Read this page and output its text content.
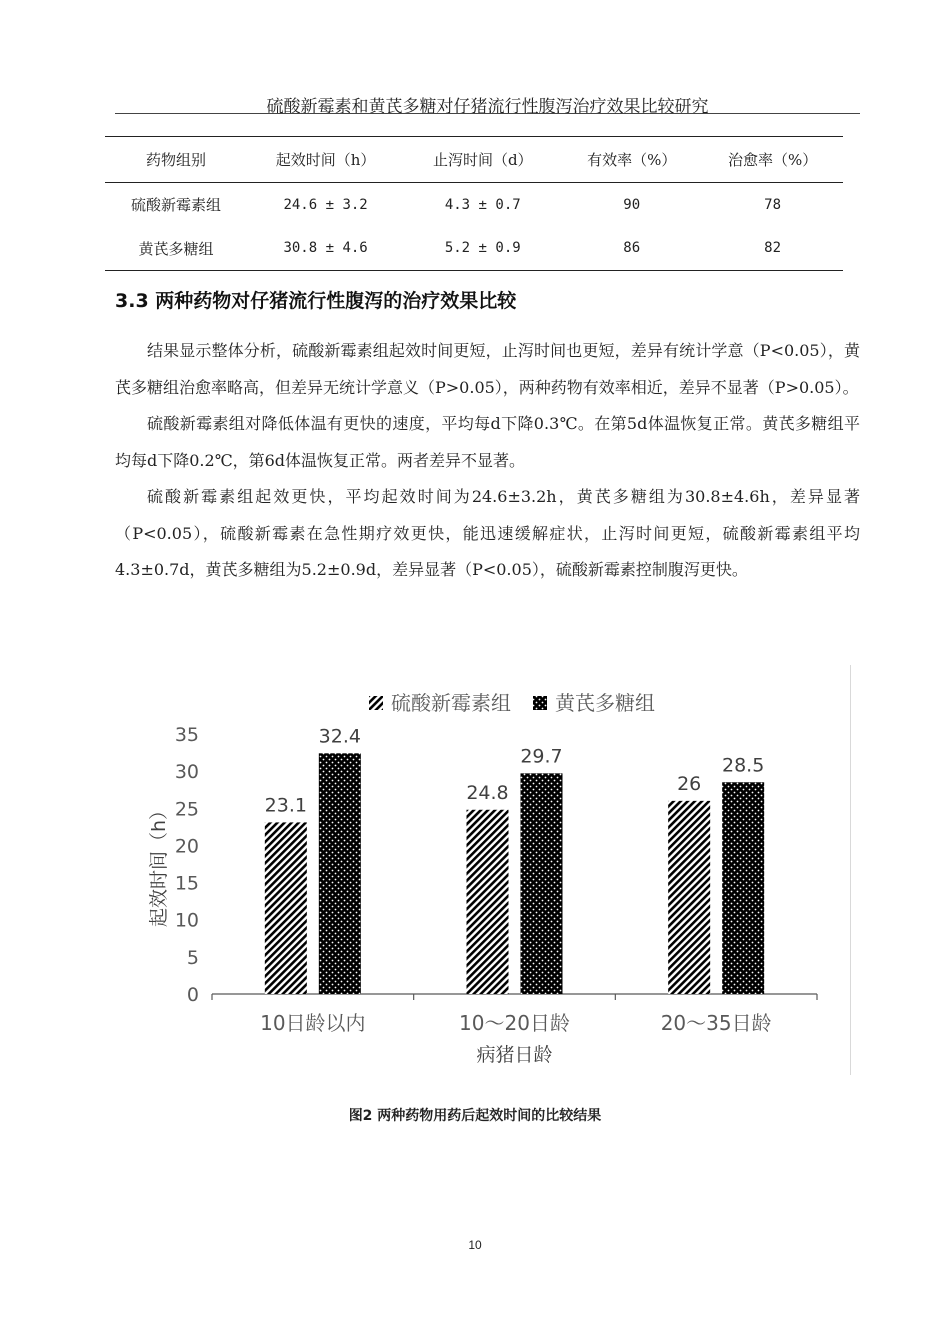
硫酸新霉素和黄芪多糖对仔猪流行性腹泻治疗效果比较研究
药物组别	起效时间（h）	止泻时间（d）	有效率（%）	治愈率（%）
硫酸新霉素组	24.6 ± 3.2	4.3 ± 0.7	90	78
黄芪多糖组	30.8 ± 4.6	5.2 ± 0.9	86	82
3.3 两种药物对仔猪流行性腹泻的治疗效果比较

结果显示整体分析，硫酸新霉素组起效时间更短，止泻时间也更短，差异有统计学意（P<0.05），黄芪多糖组治愈率略高，但差异无统计学意义（P>0.05），两种药物有效率相近，差异不显著（P>0.05）。

硫酸新霉素组对降低体温有更快的速度，平均每d下降0.3℃。在第5d体温恢复正常。黄芪多糖组平均每d下降0.2℃，第6d体温恢复正常。两者差异不显著。

硫酸新霉素组起效更快，平均起效时间为24.6±3.2h，黄芪多糖组为30.8±4.6h，差异显著（P<0.05），硫酸新霉素在急性期疗效更快，能迅速缓解症状，止泻时间更短，硫酸新霉素组平均4.3±0.7d，黄芪多糖组为5.2±0.9d，差异显著（P<0.05），硫酸新霉素控制腹泻更快。

硫酸新霉素组 黄芪多糖组
0
5
10
15
20
25
30
35
10日龄以内	10～20日龄	20～35日龄
病猪日龄
起效时间（h）	23.1
32.4
24.8
29.7
26
28.5
图2 两种药物用药后起效时间的比较结果
10
